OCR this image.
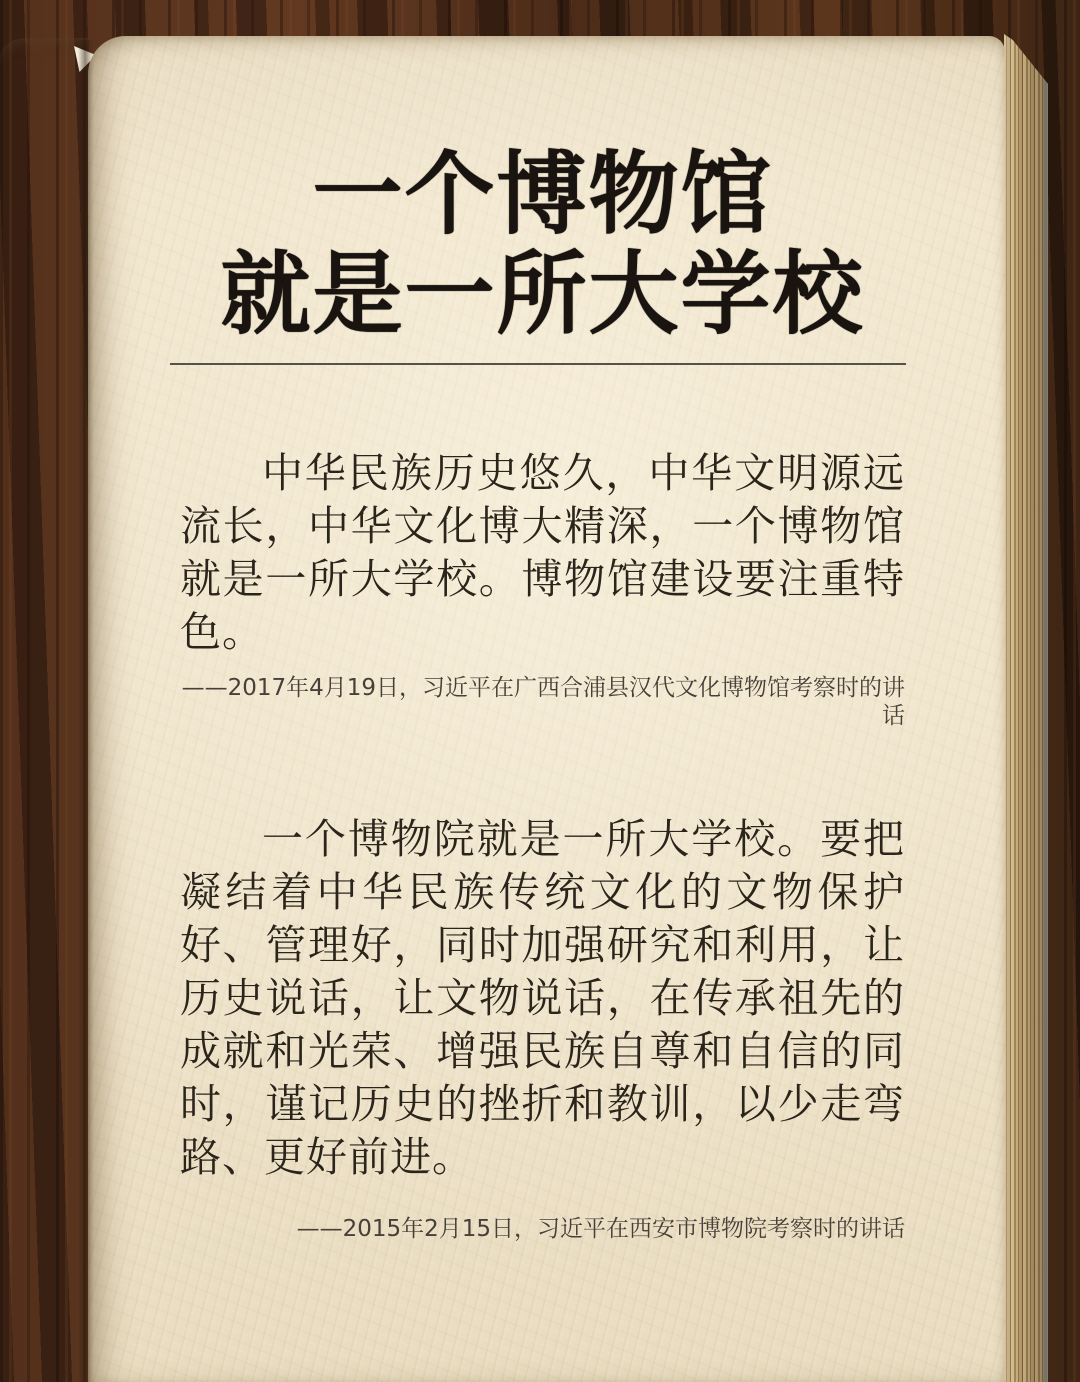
一个博物馆
就是一所大学校

中华民族历史悠久，中华文明源远流长，中华文化博大精深，一个博物馆就是一所大学校。博物馆建设要注重特色。

——2017年4月19日，习近平在广西合浦县汉代文化博物馆考察时的讲话

一个博物院就是一所大学校。要把凝结着中华民族传统文化的文物保护好、管理好，同时加强研究和利用，让历史说话，让文物说话，在传承祖先的成就和光荣、增强民族自尊和自信的同时，谨记历史的挫折和教训，以少走弯路、更好前进。

——2015年2月15日，习近平在西安市博物院考察时的讲话
